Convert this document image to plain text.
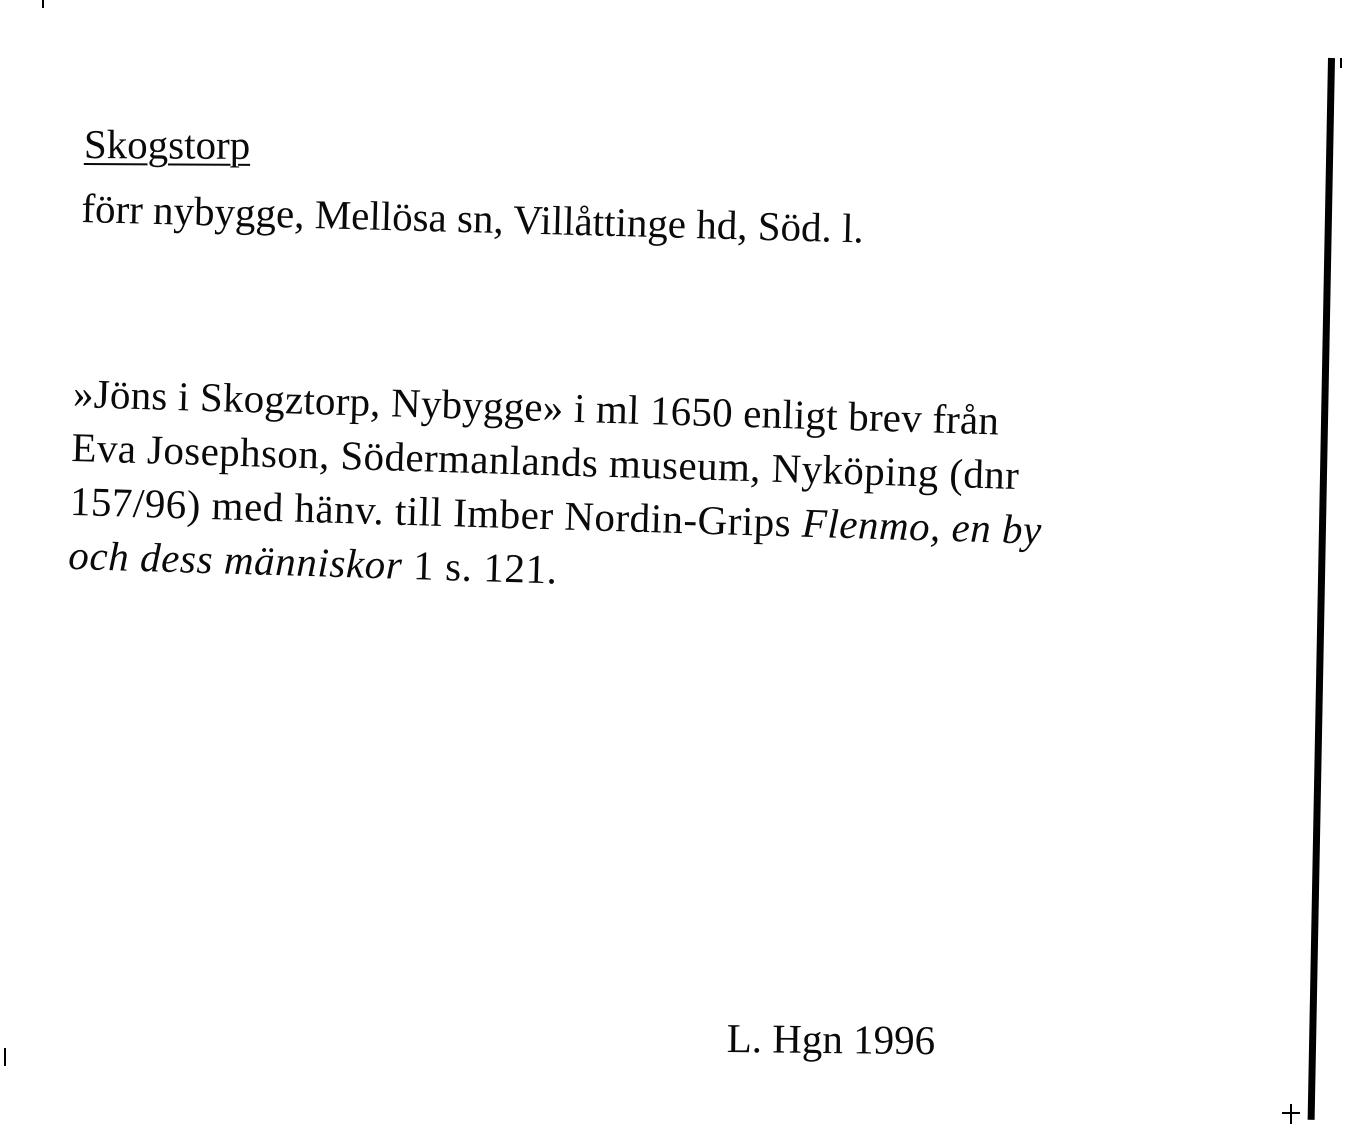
Skogstorp
förr nybygge, Mellösa sn, Villåttinge hd, Söd. l.
»Jöns i Skogztorp, Nybygge» i ml 1650 enligt brev från
Eva Josephson, Södermanlands museum, Nyköping (dnr
157/96) med hänv. till Imber Nordin-Grips Flenmo, en by
och dess människor 1 s. 121.
L. Hgn 1996
